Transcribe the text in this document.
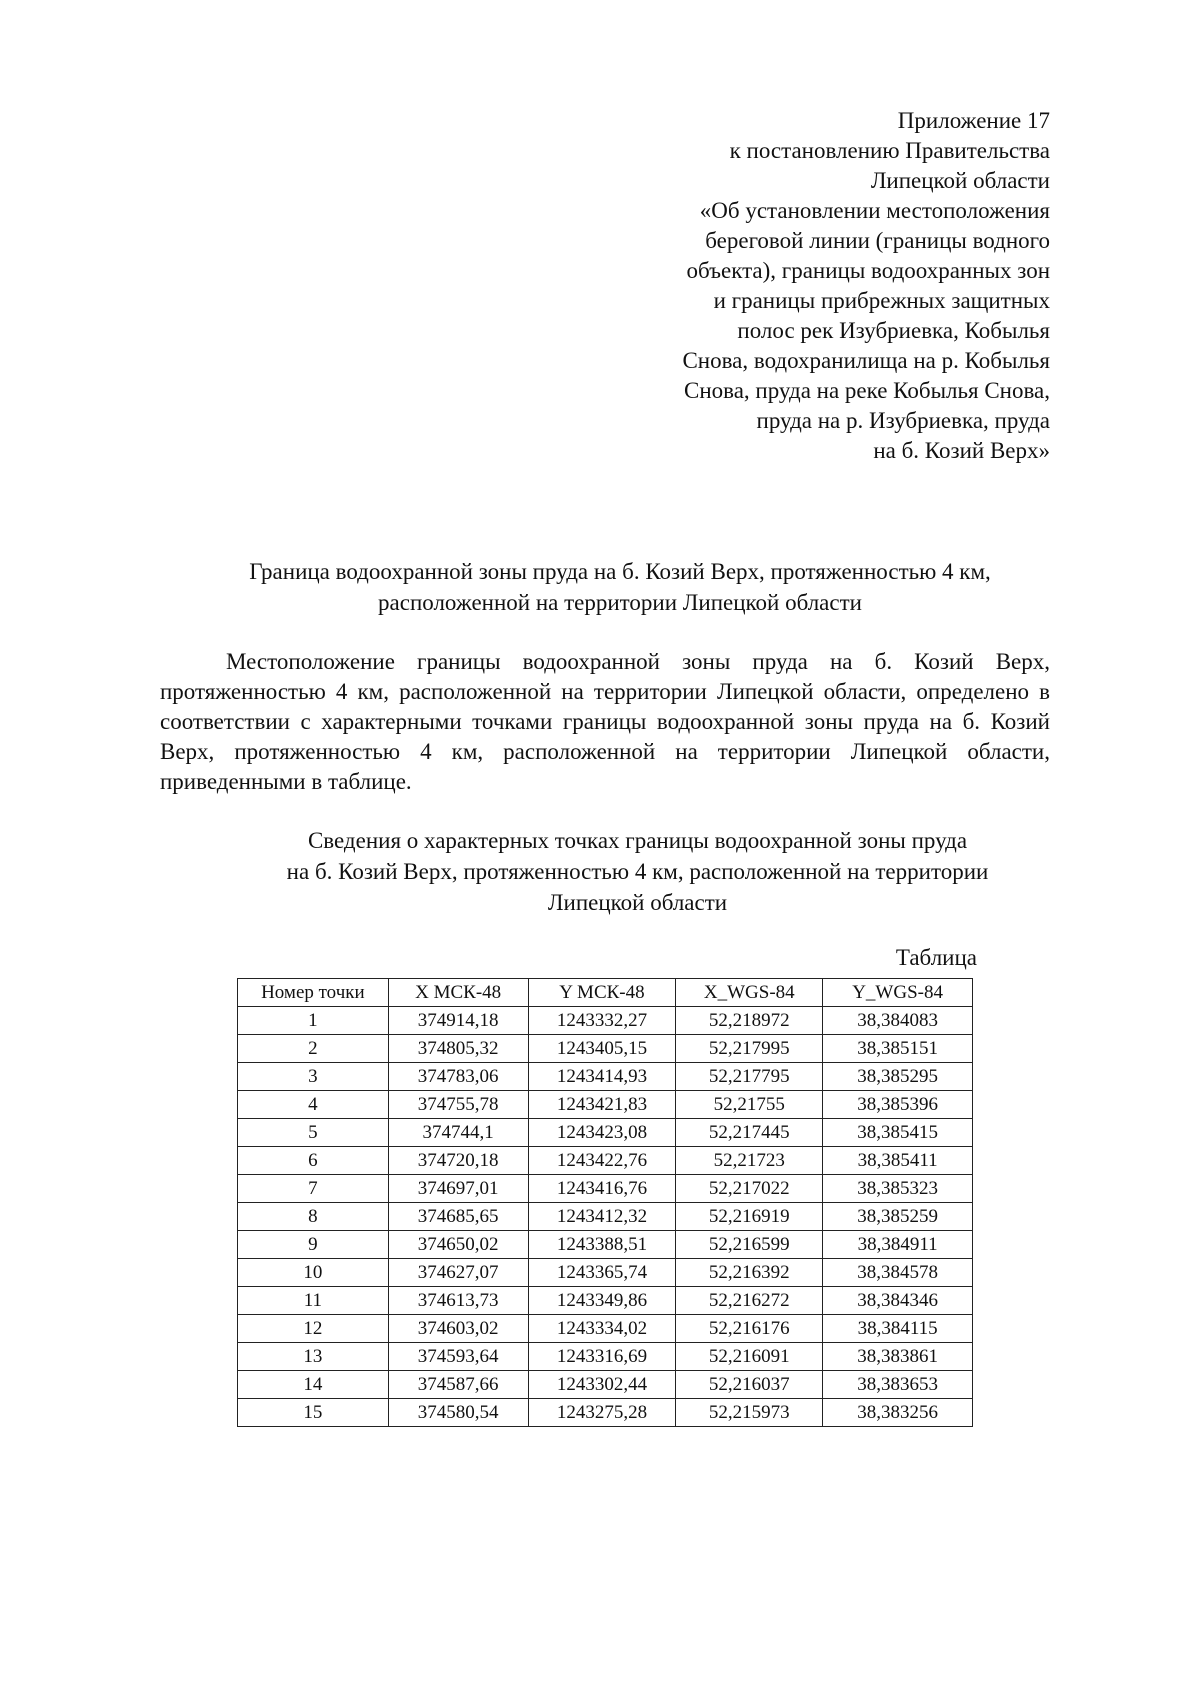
Приложение 17
к постановлению Правительства
Липецкой области
«Об установлении местоположения
береговой линии (границы водного
объекта), границы водоохранных зон
и границы прибрежных защитных
полос рек Изубриевка, Кобылья
Снова, водохранилища на р. Кобылья
Снова, пруда на реке Кобылья Снова,
пруда на р. Изубриевка, пруда
на б. Козий Верх»
Граница водоохранной зоны пруда на б. Козий Верх, протяженностью 4 км,
расположенной на территории Липецкой области
Местоположение границы водоохранной зоны пруда на б. Козий Верх, протяженностью 4 км, расположенной на территории Липецкой области, определено в соответствии с характерными точками границы водоохранной зоны пруда на б. Козий Верх, протяженностью 4 км, расположенной на территории Липецкой области, приведенными в таблице.
Сведения о характерных точках границы водоохранной зоны пруда
на б. Козий Верх, протяженностью 4 км, расположенной на территории
Липецкой области
Таблица
Номер точки	X МСК-48	Y МСК-48	X_WGS-84	Y_WGS-84
1	374914,18	1243332,27	52,218972	38,384083
2	374805,32	1243405,15	52,217995	38,385151
3	374783,06	1243414,93	52,217795	38,385295
4	374755,78	1243421,83	52,21755	38,385396
5	374744,1	1243423,08	52,217445	38,385415
6	374720,18	1243422,76	52,21723	38,385411
7	374697,01	1243416,76	52,217022	38,385323
8	374685,65	1243412,32	52,216919	38,385259
9	374650,02	1243388,51	52,216599	38,384911
10	374627,07	1243365,74	52,216392	38,384578
11	374613,73	1243349,86	52,216272	38,384346
12	374603,02	1243334,02	52,216176	38,384115
13	374593,64	1243316,69	52,216091	38,383861
14	374587,66	1243302,44	52,216037	38,383653
15	374580,54	1243275,28	52,215973	38,383256
